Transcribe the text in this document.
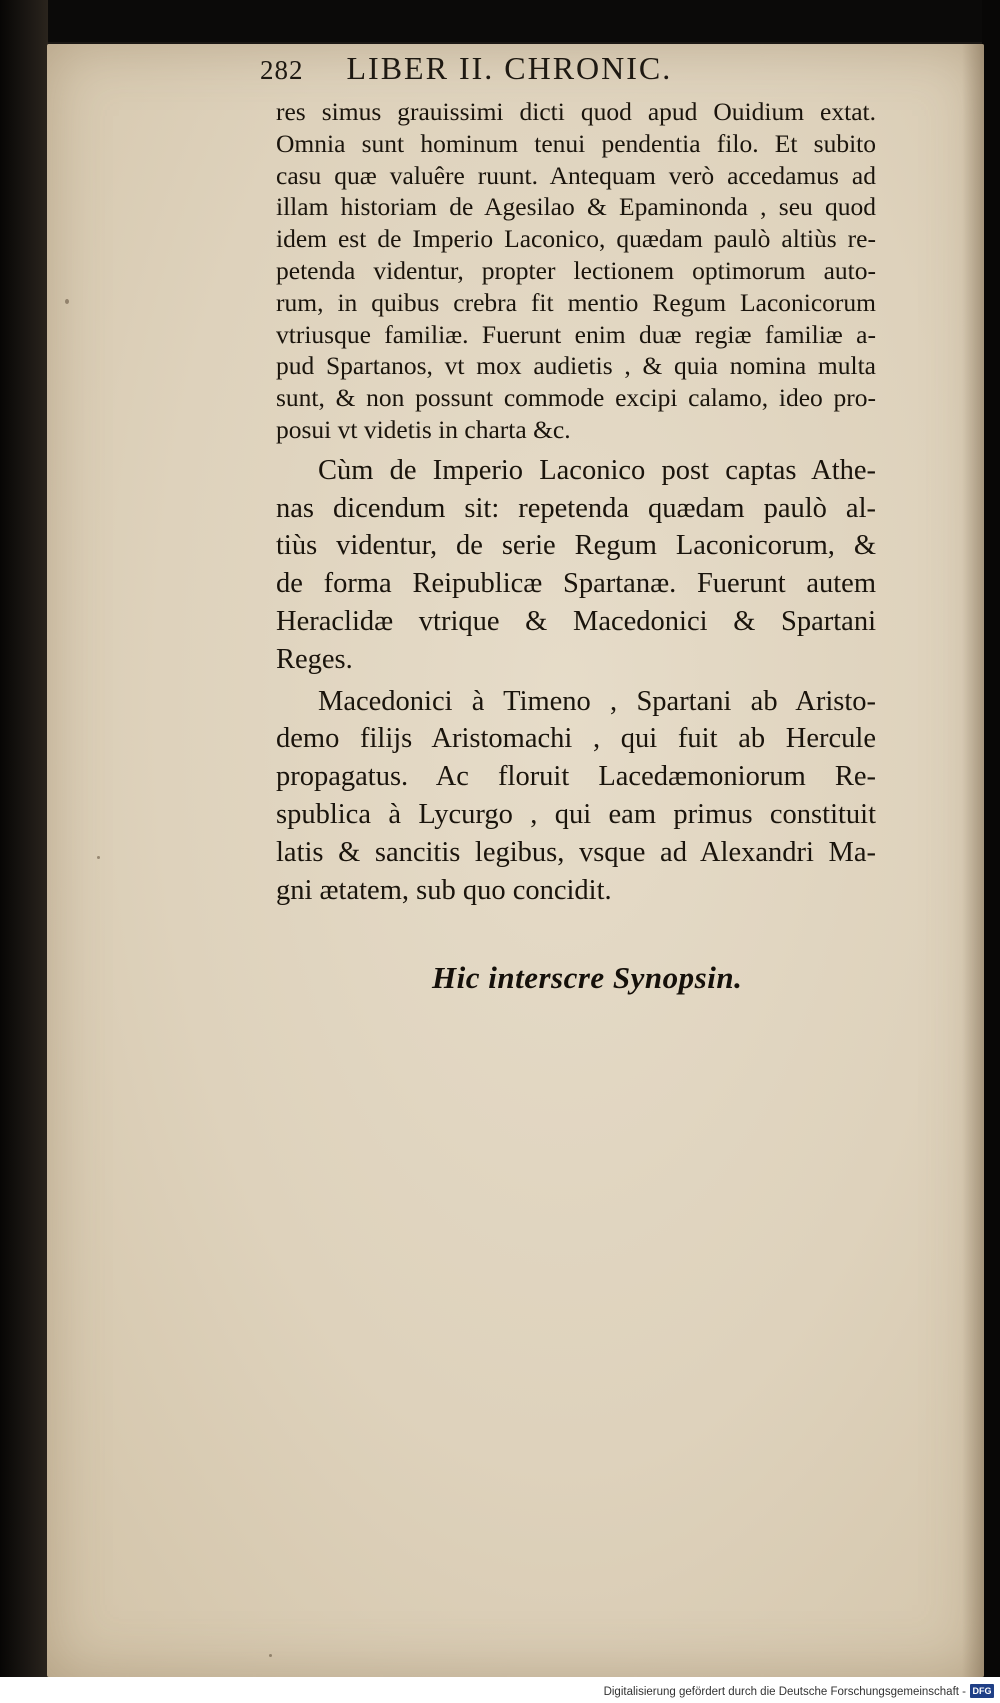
282 LIBER II. CHRONIC.
res simus grauissimi dicti quod apud Ouidium extat.
Omnia sunt hominum tenui pendentia filo. Et subito
casu quæ valuêre ruunt. Antequam verò accedamus ad
illam historiam de Agesilao & Epaminonda , seu quod
idem est de Imperio Laconico, quædam paulò altiùs re-
petenda videntur, propter lectionem optimorum auto-
rum, in quibus crebra fit mentio Regum Laconicorum
vtriusque familiæ. Fuerunt enim duæ regiæ familiæ a-
pud Spartanos, vt mox audietis , & quia nomina multa
sunt, & non possunt commode excipi calamo, ideo pro-
posui vt videtis in charta &c.
Cùm de Imperio Laconico post captas Athe-
nas dicendum sit: repetenda quædam paulò al-
tiùs videntur, de serie Regum Laconicorum, &
de forma Reipublicæ Spartanæ. Fuerunt autem
Heraclidæ vtrique & Macedonici & Spartani
Reges.
Macedonici à Timeno , Spartani ab Aristo-
demo filijs Aristomachi , qui fuit ab Hercule
propagatus. Ac floruit Lacedæmoniorum Re-
spublica à Lycurgo , qui eam primus constituit
latis & sancitis legibus, vsque ad Alexandri Ma-
gni ætatem, sub quo concidit.
Hic interscre Synopsin.
Digitalisierung gefördert durch die Deutsche Forschungsgemeinschaft - DFG
